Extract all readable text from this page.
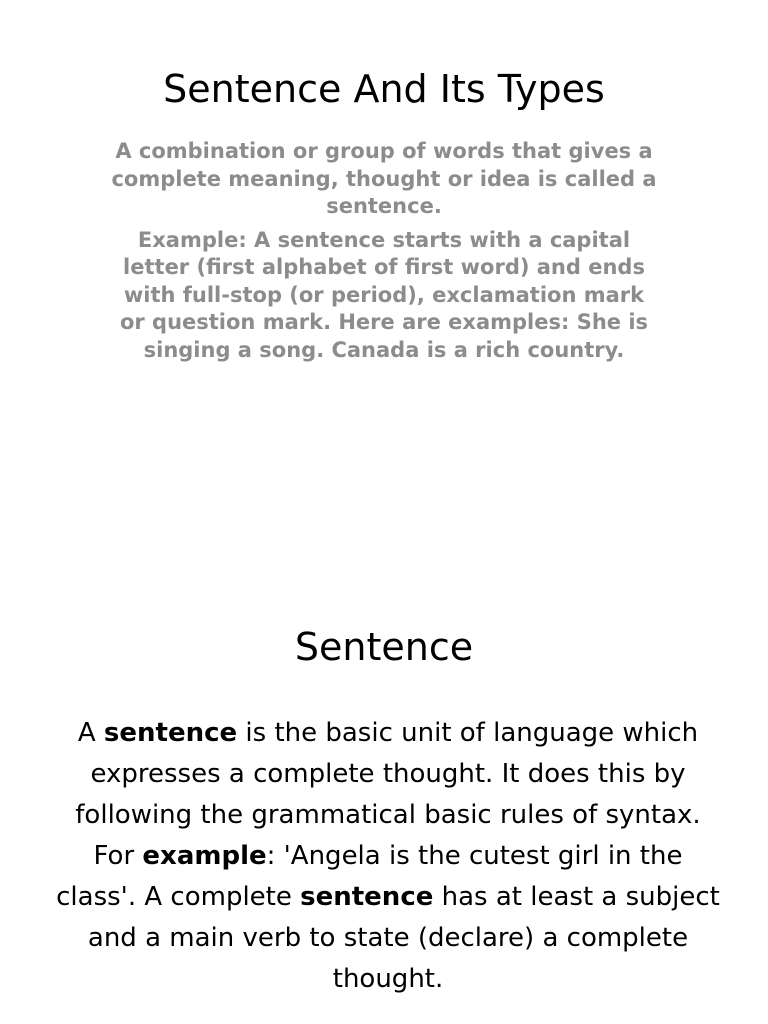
Sentence And Its Types

A combination or group of words that gives a complete meaning, thought or idea is called a sentence.

Example: A sentence starts with a capital letter (first alphabet of first word) and ends with full-stop (or period), exclamation mark or question mark. Here are examples: She is singing a song. Canada is a rich country.

Sentence
A sentence is the basic unit of language which expresses a complete thought. It does this by following the grammatical basic rules of syntax. For example: 'Angela is the cutest girl in the class'. A complete sentence has at least a subject and a main verb to state (declare) a complete thought.
